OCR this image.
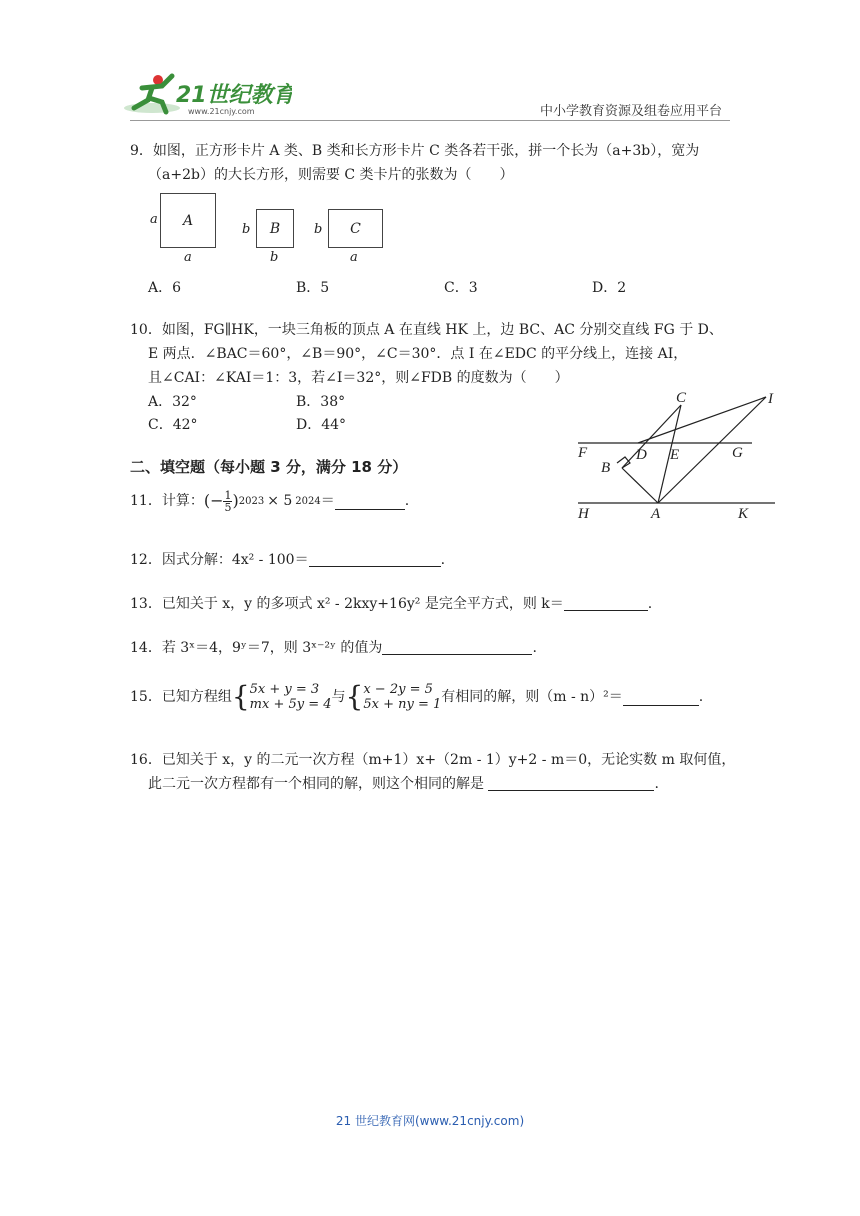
21世纪教育
www.21cnjy.com	中小学教育资源及组卷应用平台
9．如图，正方形卡片 A 类、B 类和长方形卡片 C 类各若干张，拼一个长为（a+3b），宽为
（a+2b）的大长方形，则需要 C 类卡片的张数为（　　）
a A
a
b B
b
b C
a
A．6	B．5	C．3	D．2
10．如图，FG∥HK，一块三角板的顶点 A 在直线 HK 上，边 BC、AC 分别交直线 FG 于 D、
E 两点．∠BAC＝60°，∠B＝90°，∠C＝30°．点 I 在∠EDC 的平分线上，连接 AI，
且∠CAI：∠KAI＝1：3，若∠I＝32°，则∠FDB 的度数为（　　）
A．32°	B．38°
C．42°	D．44°
C	I
F	D E	G
B
H	A	K
二、填空题（每小题 3 分，满分 18 分）
11．计算： (− $\frac{1}{5}$ ) 2023 × 5 2024 ＝	.
12．因式分解：4x² - 100＝	.
13．已知关于 x，y 的多项式 x² - 2kxy+16y² 是完全平方式，则 k＝	.
14．若 3ˣ＝4，9ʸ＝7，则 3ˣ⁻²ʸ 的值为	.
15．已知方程组 { 5x + y = 3
mx + 5y = 4 与 { x − 2y = 5
5x + ny = 1 有相同的解，则（m - n）²＝	.
16．已知关于 x，y 的二元一次方程（m+1）x+（2m - 1）y+2 - m＝0，无论实数 m 取何值，
此二元一次方程都有一个相同的解，则这个相同的解是	.
21 世纪教育网(www.21cnjy.com)
